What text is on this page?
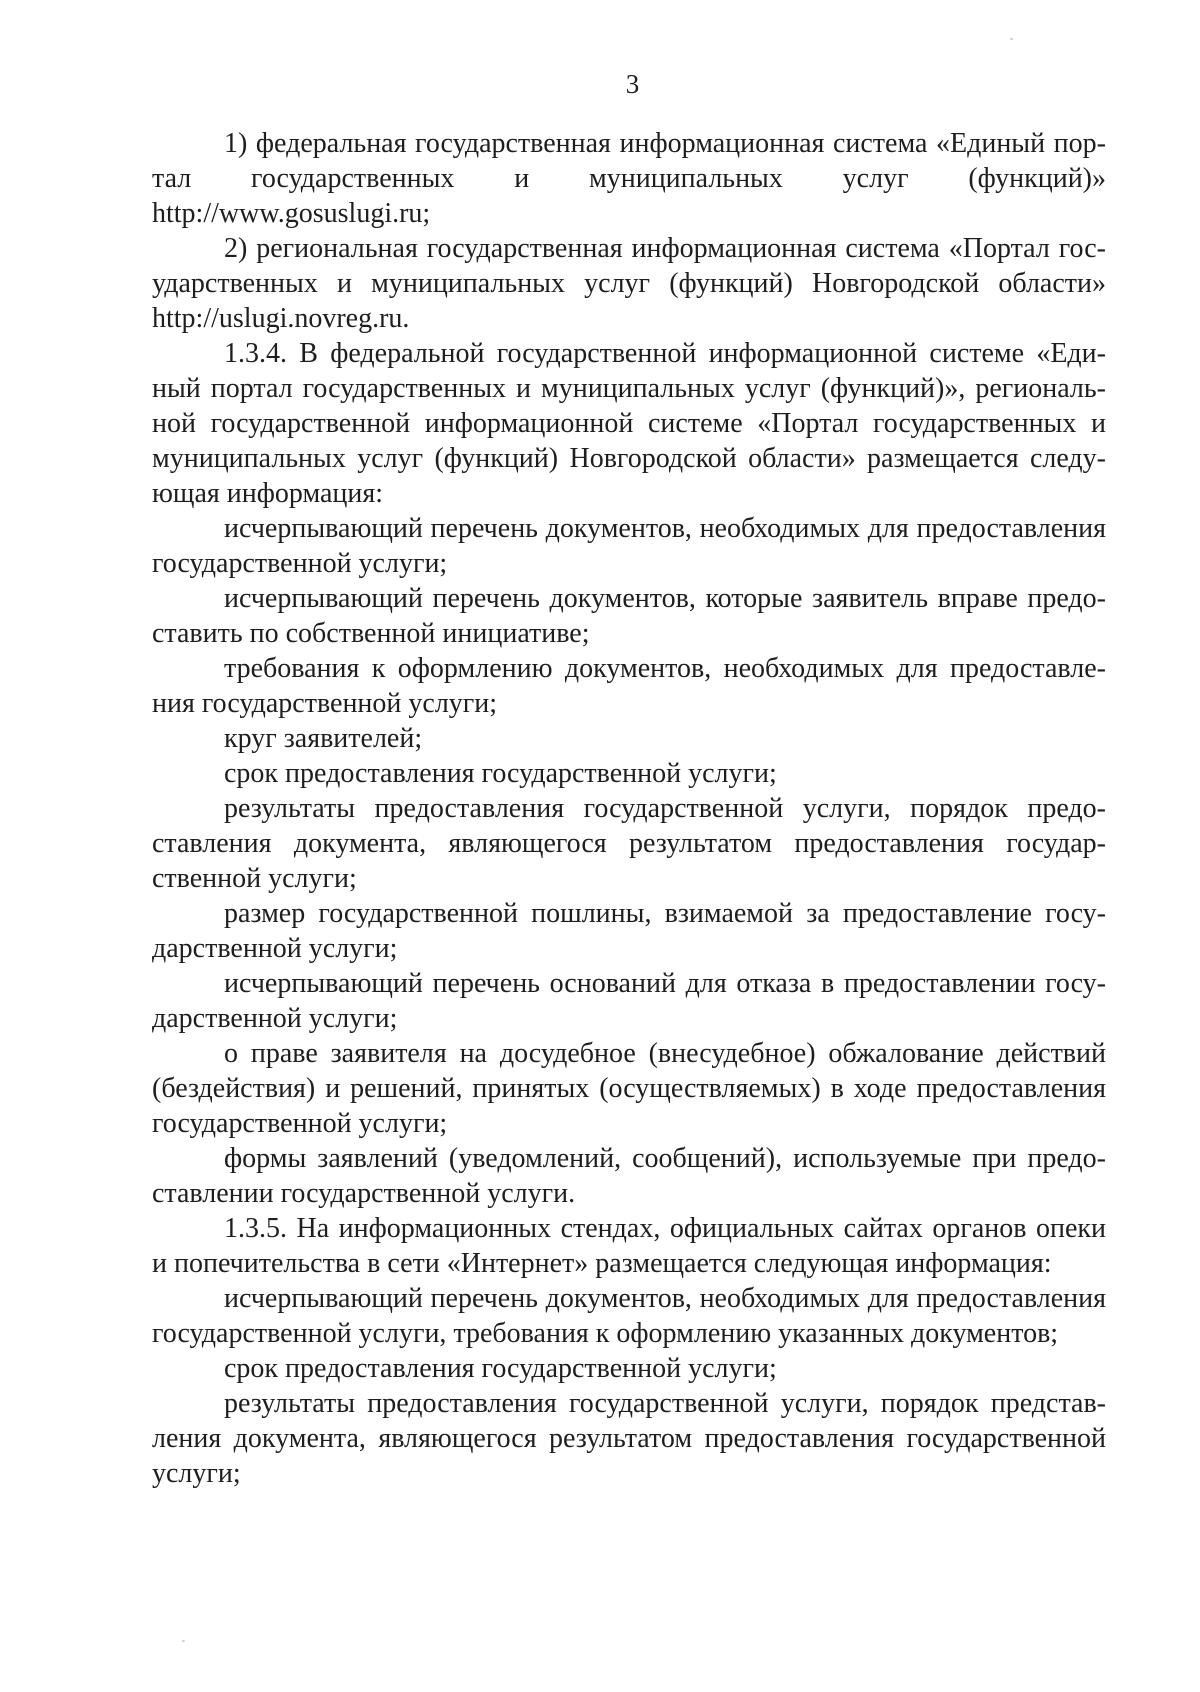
3

1) федеральная государственная информационная система «Единый портал государственных и муниципальных услуг (функций)» http://www.gosuslugi.ru;

2) региональная государственная информационная система «Портал государственных и муниципальных услуг (функций) Новгородской области» http://uslugi.novreg.ru.

1.3.4. В федеральной государственной информационной системе «Единый портал государственных и муниципальных услуг (функций)», региональной государственной информационной системе «Портал государственных и муниципальных услуг (функций) Новгородской области» размещается следующая информация:

исчерпывающий перечень документов, необходимых для предоставления государственной услуги;

исчерпывающий перечень документов, которые заявитель вправе предоставить по собственной инициативе;

требования к оформлению документов, необходимых для предоставления государственной услуги;

круг заявителей;

срок предоставления государственной услуги;

результаты предоставления государственной услуги, порядок предоставления документа, являющегося результатом предоставления государственной услуги;

размер государственной пошлины, взимаемой за предоставление государственной услуги;

исчерпывающий перечень оснований для отказа в предоставлении государственной услуги;

о праве заявителя на досудебное (внесудебное) обжалование действий (бездействия) и решений, принятых (осуществляемых) в ходе предоставления государственной услуги;

формы заявлений (уведомлений, сообщений), используемые при предоставлении государственной услуги.

1.3.5. На информационных стендах, официальных сайтах органов опеки и попечительства в сети «Интернет» размещается следующая информация:

исчерпывающий перечень документов, необходимых для предоставления государственной услуги, требования к оформлению указанных документов;

срок предоставления государственной услуги;

результаты предоставления государственной услуги, порядок представления документа, являющегося результатом предоставления государственной услуги;
